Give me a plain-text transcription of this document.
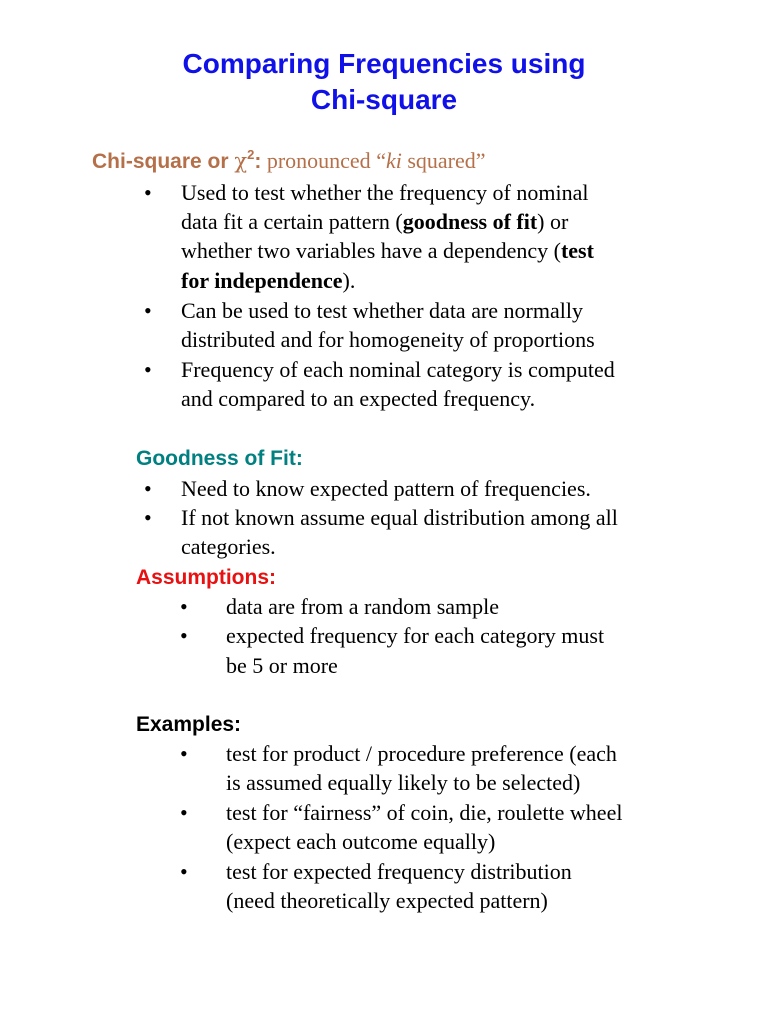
Comparing Frequencies using
Chi-square
Chi-square or $\chi^2$: pronounced “ki squared”
• Used to test whether the frequency of nominal
data fit a certain pattern (goodness of fit) or
whether two variables have a dependency (test
for independence).
• Can be used to test whether data are normally
distributed and for homogeneity of proportions
• Frequency of each nominal category is computed
and compared to an expected frequency.
Goodness of Fit:
• Need to know expected pattern of frequencies.
• If not known assume equal distribution among all
categories.
Assumptions:
• data are from a random sample
• expected frequency for each category must
be 5 or more
Examples:
• test for product / procedure preference (each
is assumed equally likely to be selected)
• test for “fairness” of coin, die, roulette wheel
(expect each outcome equally)
• test for expected frequency distribution
(need theoretically expected pattern)
